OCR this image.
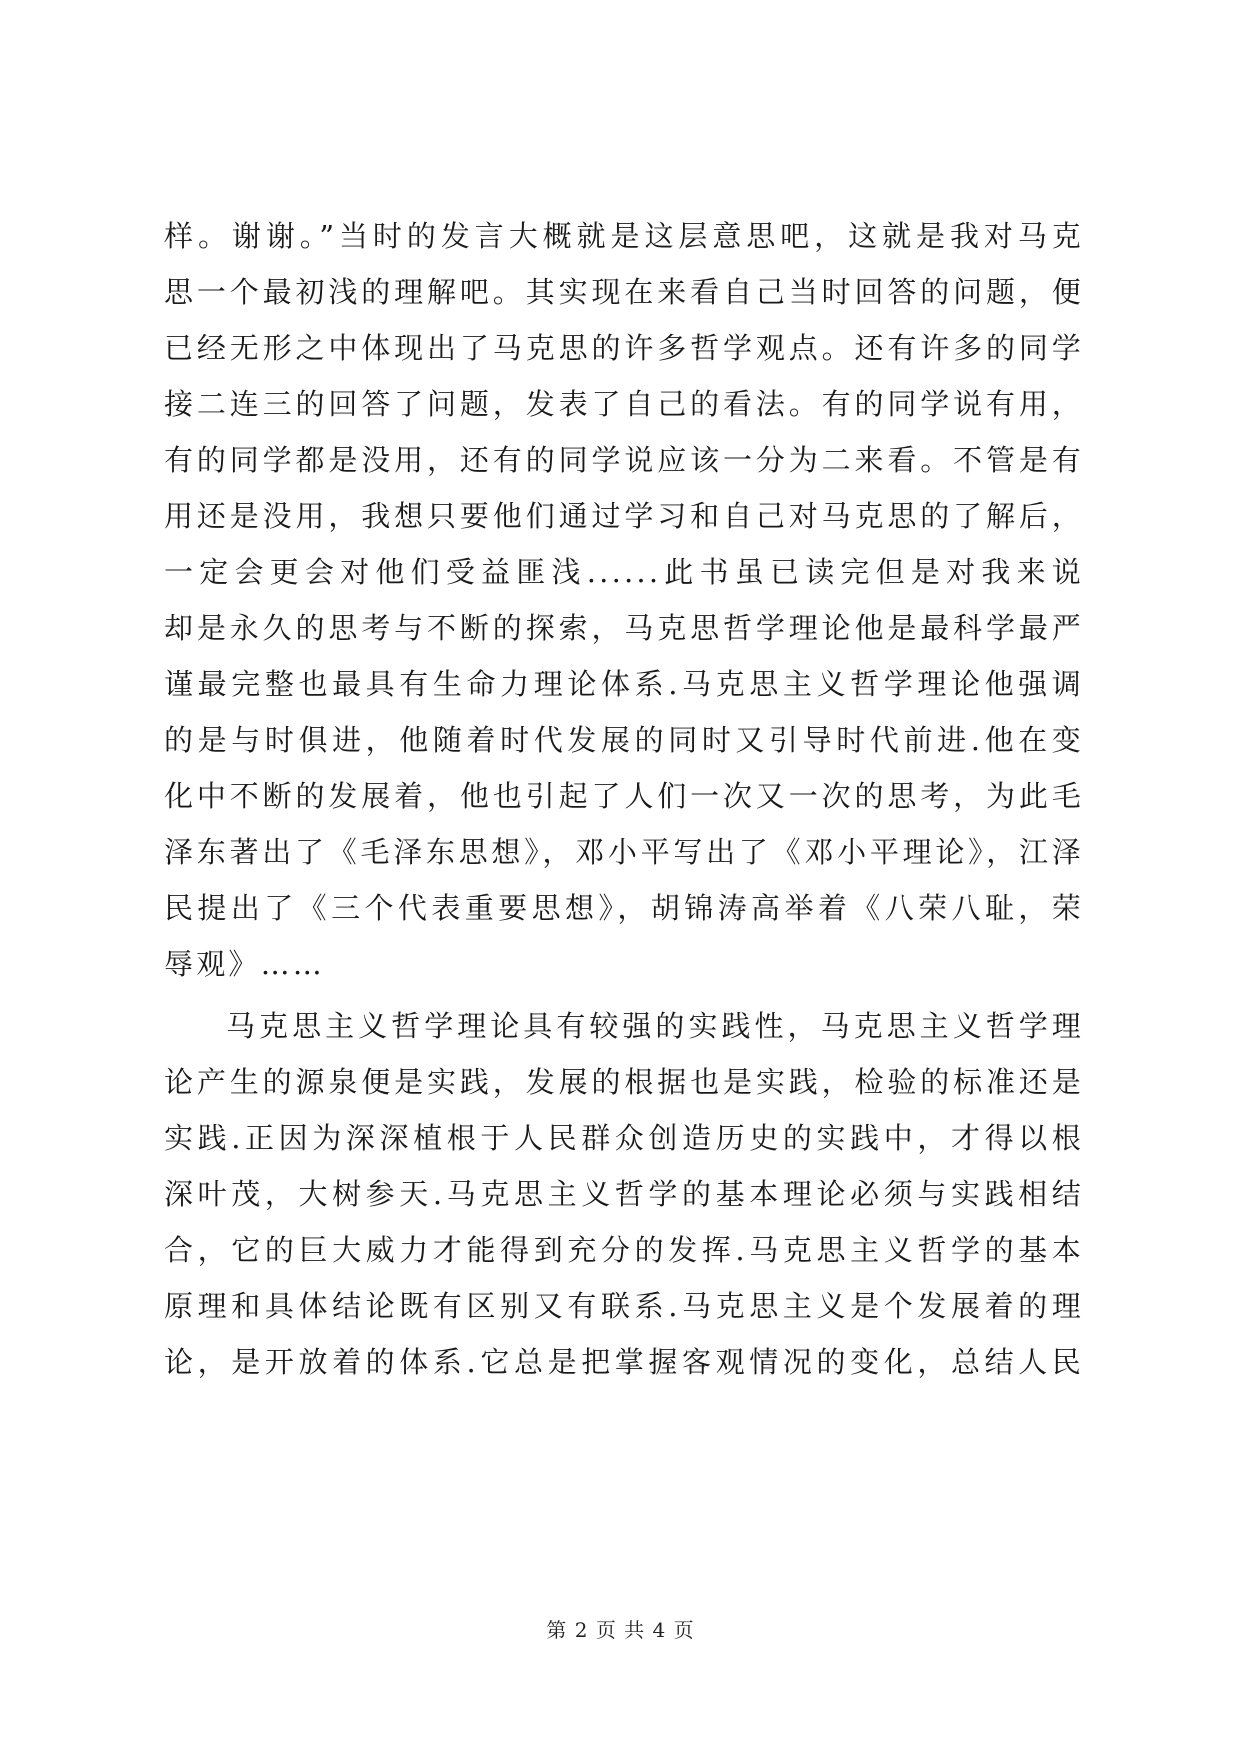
样。谢谢。”当时的发言大概就是这层意思吧，这就是我对马克
思一个最初浅的理解吧。其实现在来看自己当时回答的问题，便
已经无形之中体现出了马克思的许多哲学观点。还有许多的同学
接二连三的回答了问题，发表了自己的看法。有的同学说有用，
有的同学都是没用，还有的同学说应该一分为二来看。不管是有
用还是没用，我想只要他们通过学习和自己对马克思的了解后，
一定会更会对他们受益匪浅......此书虽已读完但是对我来说
却是永久的思考与不断的探索，马克思哲学理论他是最科学最严
谨最完整也最具有生命力理论体系.马克思主义哲学理论他强调
的是与时俱进，他随着时代发展的同时又引导时代前进.他在变
化中不断的发展着，他也引起了人们一次又一次的思考，为此毛
泽东著出了《毛泽东思想》，邓小平写出了《邓小平理论》，江泽
民提出了《三个代表重要思想》，胡锦涛高举着《八荣八耻，荣
辱观》……
马克思主义哲学理论具有较强的实践性，马克思主义哲学理
论产生的源泉便是实践，发展的根据也是实践，检验的标准还是
实践.正因为深深植根于人民群众创造历史的实践中，才得以根
深叶茂，大树参天.马克思主义哲学的基本理论必须与实践相结
合，它的巨大威力才能得到充分的发挥.马克思主义哲学的基本
原理和具体结论既有区别又有联系.马克思主义是个发展着的理
论，是开放着的体系.它总是把掌握客观情况的变化，总结人民
第 2 页 共 4 页
